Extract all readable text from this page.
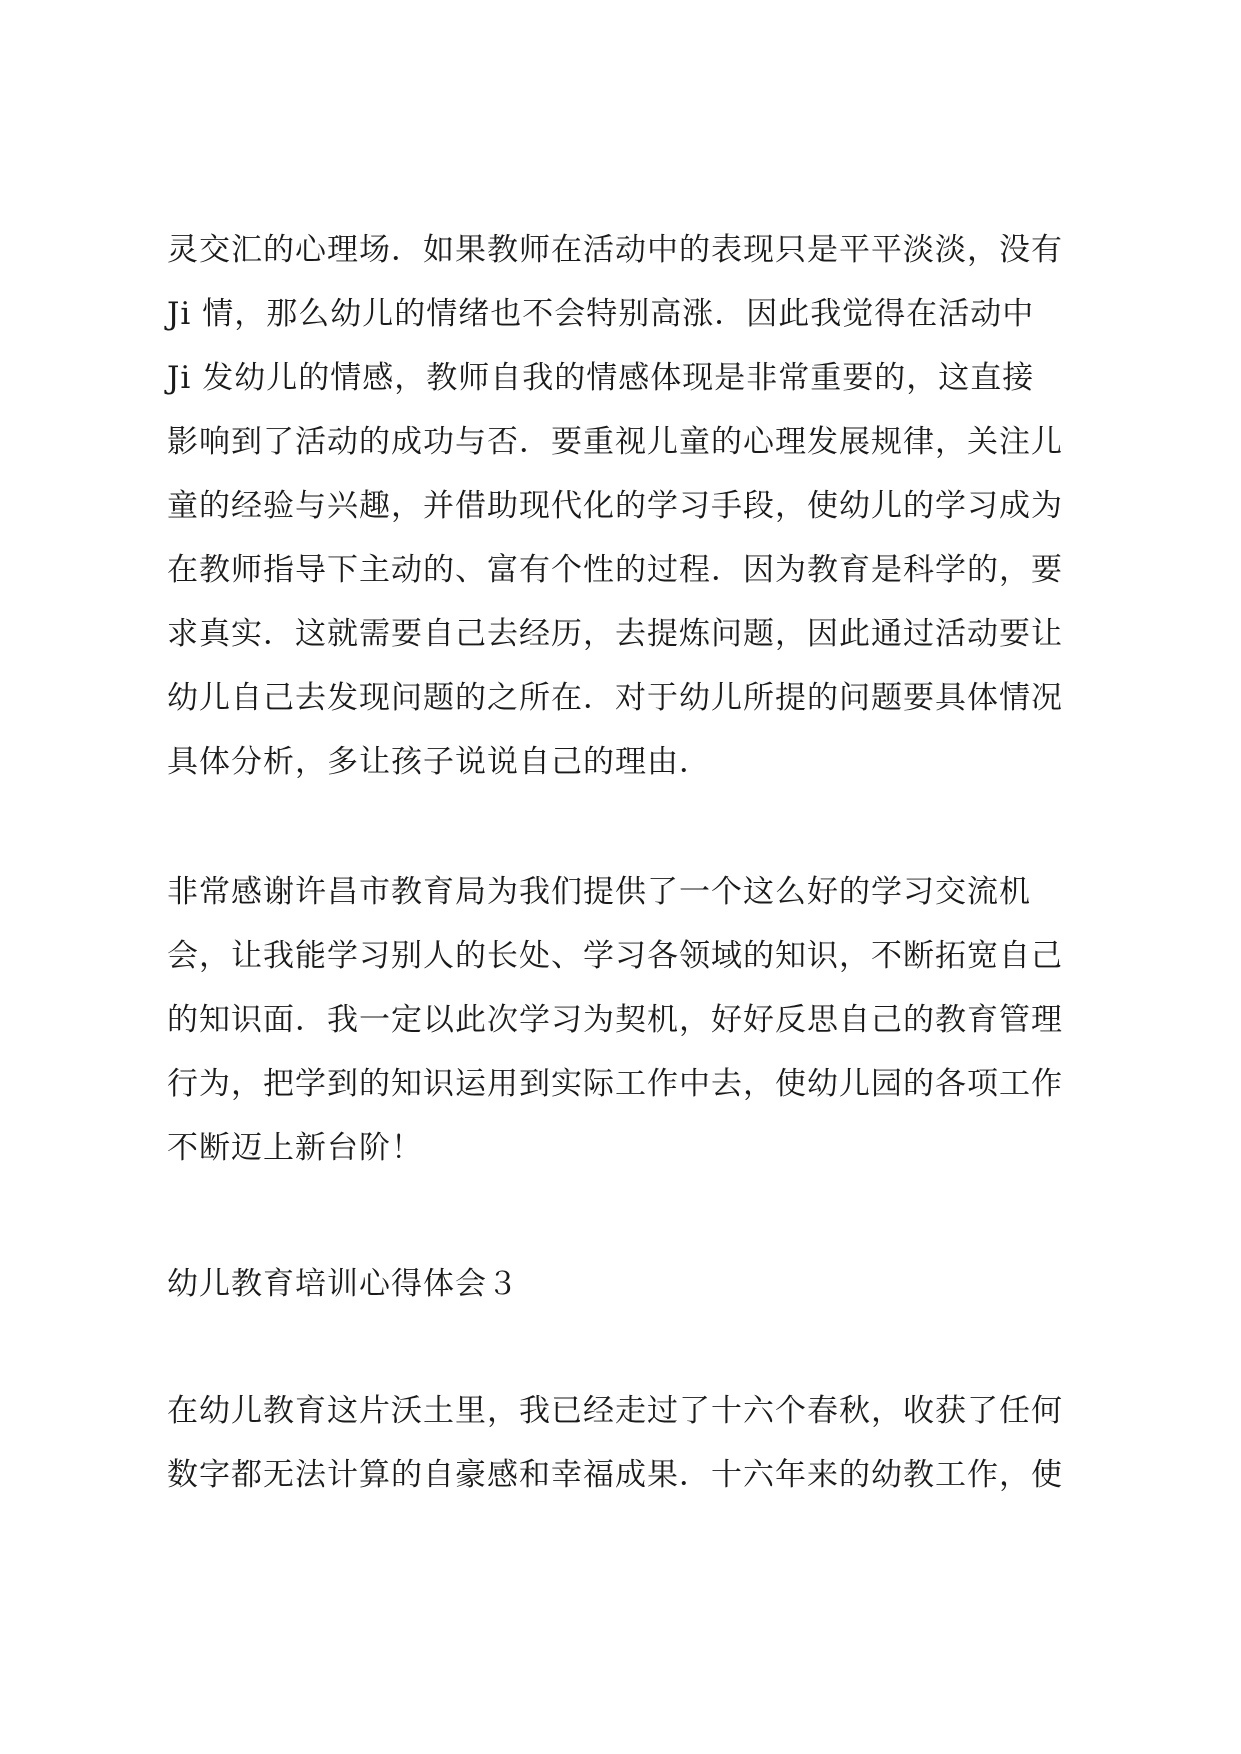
灵交汇的心理场．如果教师在活动中的表现只是平平淡淡，没有
Ji 情，那么幼儿的情绪也不会特别高涨．因此我觉得在活动中
Ji 发幼儿的情感，教师自我的情感体现是非常重要的，这直接
影响到了活动的成功与否．要重视儿童的心理发展规律，关注儿
童的经验与兴趣，并借助现代化的学习手段，使幼儿的学习成为
在教师指导下主动的、富有个性的过程．因为教育是科学的，要
求真实．这就需要自己去经历，去提炼问题，因此通过活动要让
幼儿自己去发现问题的之所在．对于幼儿所提的问题要具体情况
具体分析，多让孩子说说自己的理由．
非常感谢许昌市教育局为我们提供了一个这么好的学习交流机
会，让我能学习别人的长处、学习各领域的知识，不断拓宽自己
的知识面．我一定以此次学习为契机，好好反思自己的教育管理
行为，把学到的知识运用到实际工作中去，使幼儿园的各项工作
不断迈上新台阶！
幼儿教育培训心得体会３
在幼儿教育这片沃土里，我已经走过了十六个春秋，收获了任何
数字都无法计算的自豪感和幸福成果．十六年来的幼教工作，使
